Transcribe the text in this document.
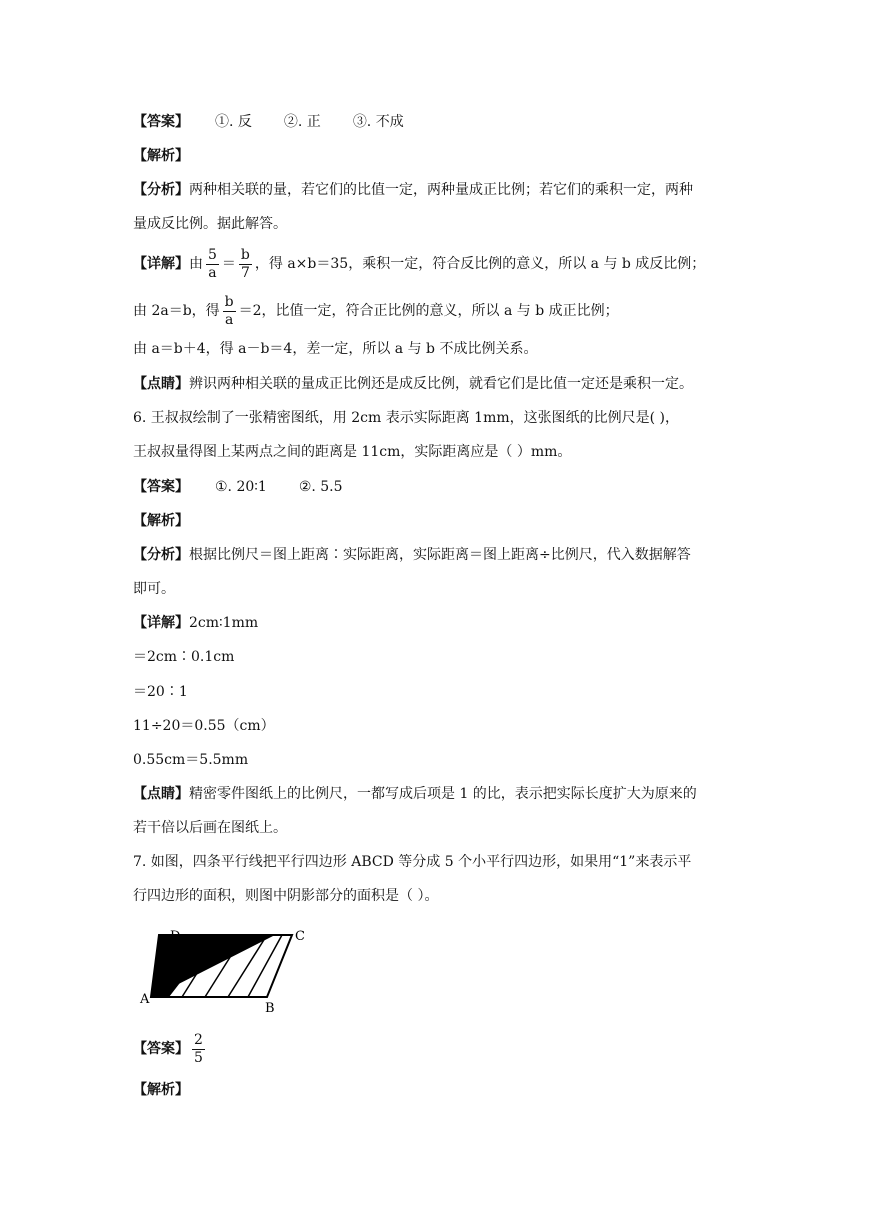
【答案】 ①. 反 ②. 正 ③. 不成
【解析】
【分析】两种相关联的量，若它们的比值一定，两种量成正比例；若它们的乘积一定，两种
量成反比例。据此解答。
【详解】由 $\frac{5}{a} = \frac{b}{7}$ ，得 a×b＝35，乘积一定，符合反比例的意义，所以 a 与 b 成反比例；
由 2a＝b，得 $\frac{b}{a} =2$，比值一定，符合正比例的意义，所以 a 与 b 成正比例；
由 a＝b＋4，得 a－b＝4，差一定，所以 a 与 b 不成比例关系。
【点睛】辨识两种相关联的量成正比例还是成反比例，就看它们是比值一定还是乘积一定。
6. 王叔叔绘制了一张精密图纸，用 2cm 表示实际距离 1mm，这张图纸的比例尺是( )，
王叔叔量得图上某两点之间的距离是 11cm，实际距离应是（ ）mm。
【答案】 ①. 20∶1 ②. 5.5
【解析】
【分析】根据比例尺＝图上距离∶实际距离，实际距离＝图上距离÷比例尺，代入数据解答
即可。
【详解】2cm∶1mm
＝2cm∶0.1cm
＝20∶1
11÷20＝0.55（cm）
0.55cm＝5.5mm
【点睛】精密零件图纸上的比例尺，一都写成后项是 1 的比，表示把实际长度扩大为原来的
若干倍以后画在图纸上。
7. 如图，四条平行线把平行四边形 ABCD 等分成 5 个小平行四边形，如果用“1”来表示平
行四边形的面积，则图中阴影部分的面积是（ ）。
D	C
A
B
【答案】 $\frac{2}{5}$
【解析】
